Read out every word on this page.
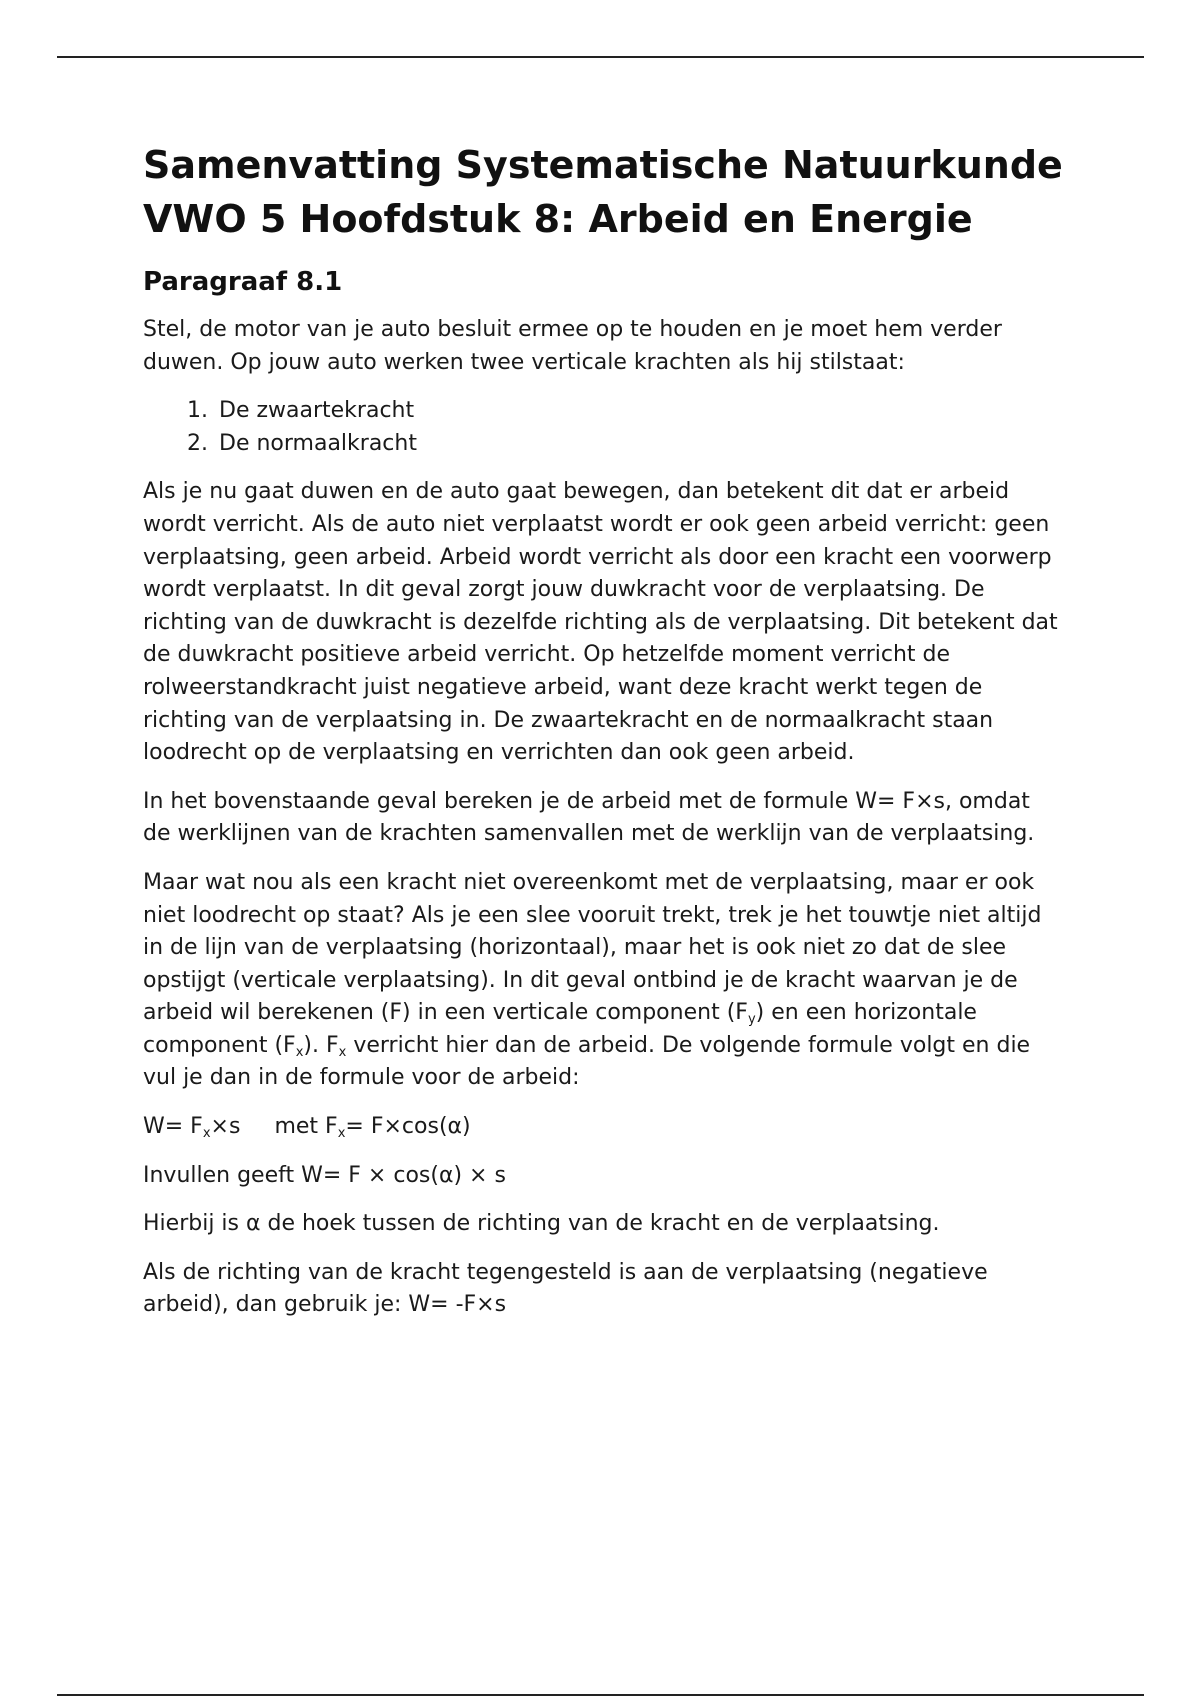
Samenvatting Systematische Natuurkunde VWO 5 Hoofdstuk 8: Arbeid en Energie
Paragraaf 8.1

Stel, de motor van je auto besluit ermee op te houden en je moet hem verder duwen. Op jouw auto werken twee verticale krachten als hij stilstaat:

1. De zwaartekracht
2. De normaalkracht

Als je nu gaat duwen en de auto gaat bewegen, dan betekent dit dat er arbeid wordt verricht. Als de auto niet verplaatst wordt er ook geen arbeid verricht: geen verplaatsing, geen arbeid. Arbeid wordt verricht als door een kracht een voorwerp wordt verplaatst. In dit geval zorgt jouw duwkracht voor de verplaatsing. De richting van de duwkracht is dezelfde richting als de verplaatsing. Dit betekent dat de duwkracht positieve arbeid verricht. Op hetzelfde moment verricht de rolweerstandkracht juist negatieve arbeid, want deze kracht werkt tegen de richting van de verplaatsing in. De zwaartekracht en de normaalkracht staan loodrecht op de verplaatsing en verrichten dan ook geen arbeid.

In het bovenstaande geval bereken je de arbeid met de formule W= F×s, omdat de werklijnen van de krachten samenvallen met de werklijn van de verplaatsing.

Maar wat nou als een kracht niet overeenkomt met de verplaatsing, maar er ook niet loodrecht op staat? Als je een slee vooruit trekt, trek je het touwtje niet altijd in de lijn van de verplaatsing (horizontaal), maar het is ook niet zo dat de slee opstijgt (verticale verplaatsing). In dit geval ontbind je de kracht waarvan je de arbeid wil berekenen (F) in een verticale component $(F_y)$ en een horizontale component $(F_x)$. $F_x$ verricht hier dan de arbeid. De volgende formule volgt en die vul je dan in de formule voor de arbeid:

$W= F_x\times s$ met $F_x= F\times\cos(\alpha)$

Invullen geeft W= F × cos(α) × s

Hierbij is α de hoek tussen de richting van de kracht en de verplaatsing.

Als de richting van de kracht tegengesteld is aan de verplaatsing (negatieve arbeid), dan gebruik je: W= -F×s
